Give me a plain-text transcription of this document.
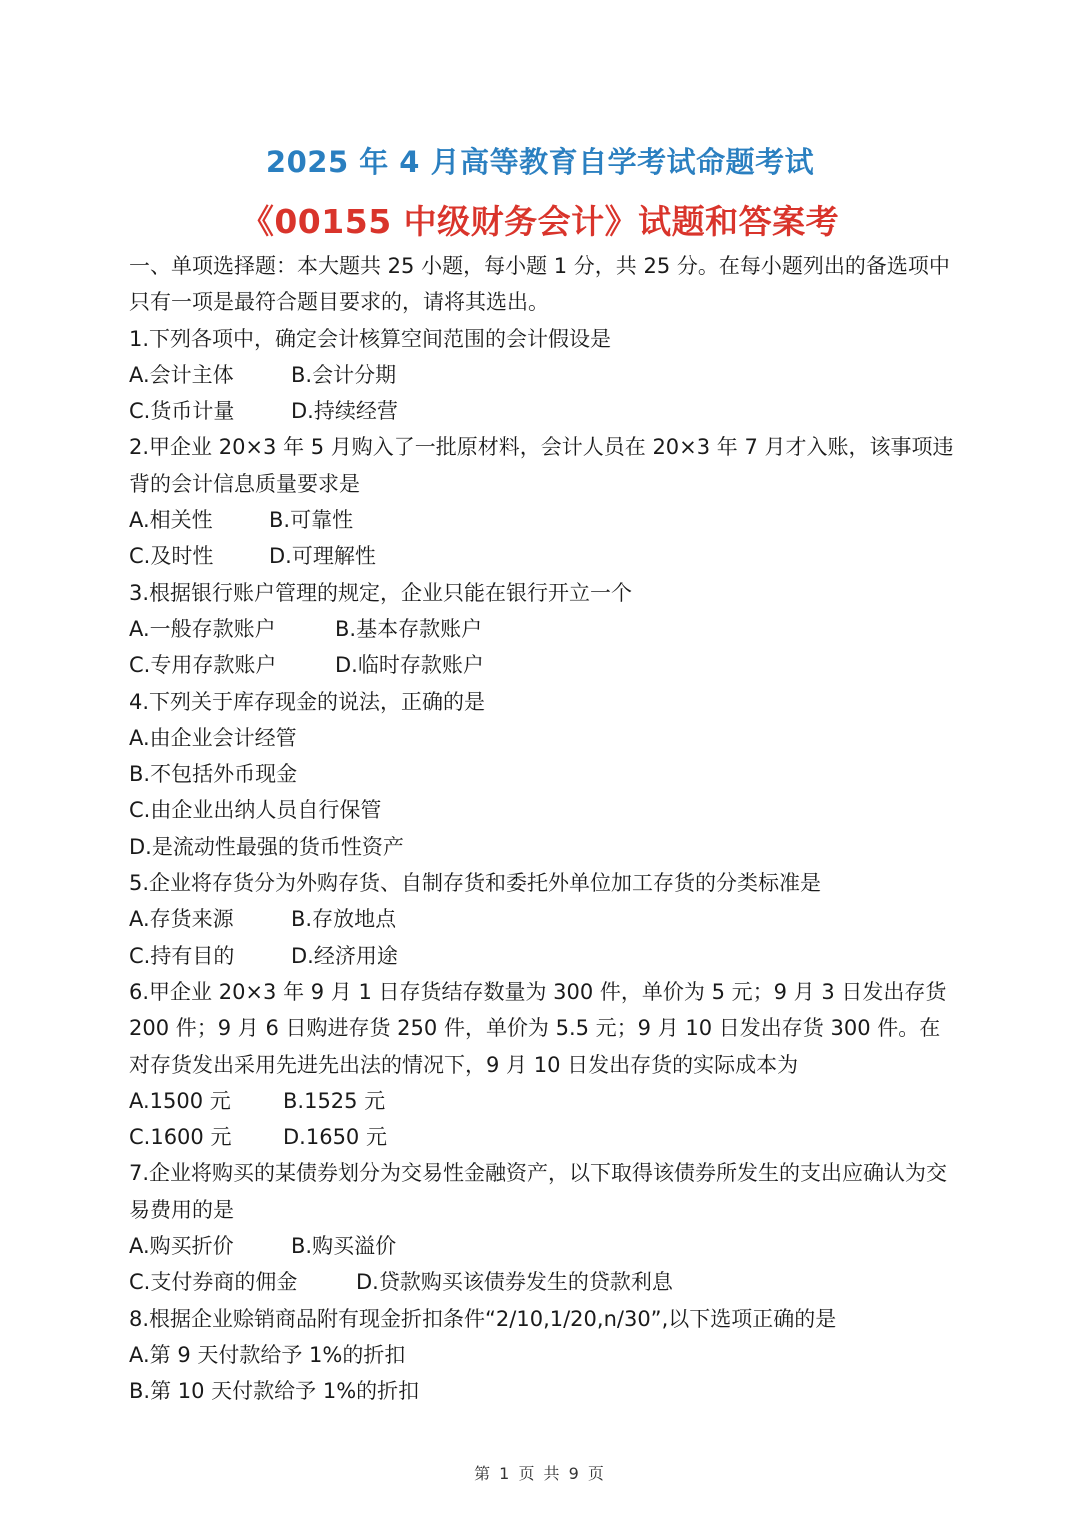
2025 年 4 月高等教育自学考试命题考试
《00155 中级财务会计》试题和答案考
一、单项选择题：本大题共 25 小题，每小题 1 分，共 25 分。在每小题列出的备选项中只有一项是最符合题目要求的，请将其选出。
1.下列各项中，确定会计核算空间范围的会计假设是
A.会计主体	B.会计分期
C.货币计量	D.持续经营
2.甲企业 20×3 年 5 月购入了一批原材料，会计人员在 20×3 年 7 月才入账，该事项违背的会计信息质量要求是
A.相关性	B.可靠性
C.及时性	D.可理解性
3.根据银行账户管理的规定，企业只能在银行开立一个
A.一般存款账户	B.基本存款账户
C.专用存款账户	D.临时存款账户
4.下列关于库存现金的说法，正确的是
A.由企业会计经管
B.不包括外币现金
C.由企业出纳人员自行保管
D.是流动性最强的货币性资产
5.企业将存货分为外购存货、自制存货和委托外单位加工存货的分类标准是
A.存货来源	B.存放地点
C.持有目的	D.经济用途
6.甲企业 20×3 年 9 月 1 日存货结存数量为 300 件，单价为 5 元；9 月 3 日发出存货 200 件；9 月 6 日购进存货 250 件，单价为 5.5 元；9 月 10 日发出存货 300 件。在对存货发出采用先进先出法的情况下，9 月 10 日发出存货的实际成本为
A.1500 元 B.1525 元
C.1600 元 D.1650 元
7.企业将购买的某债券划分为交易性金融资产，以下取得该债券所发生的支出应确认为交易费用的是
A.购买折价	B.购买溢价
C.支付券商的佣金	D.贷款购买该债券发生的贷款利息
8.根据企业赊销商品附有现金折扣条件“2/10,1/20,n/30”,以下选项正确的是
A.第 9 天付款给予 1%的折扣
B.第 10 天付款给予 1%的折扣
第 1 页 共 9 页
